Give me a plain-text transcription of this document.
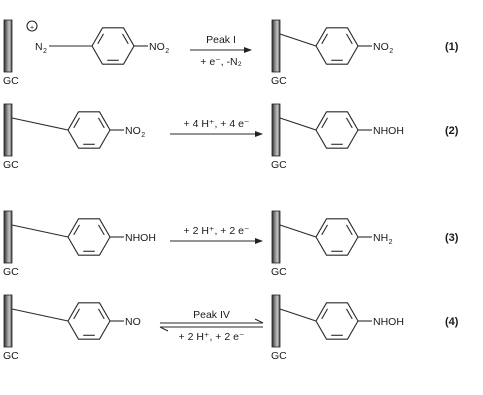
GC
+
N 2	NO 2
Peak I
+ e⁻, -N₂
GC
NO 2	(1)
GC
NO 2
+ 4 H⁺, + 4 e⁻
GC
NHOH	(2)
GC
NHOH
+ 2 H⁺, + 2 e⁻
GC
NH 2	(3)
GC
NO
Peak IV
+ 2 H⁺, + 2 e⁻
GC
NHOH	(4)
